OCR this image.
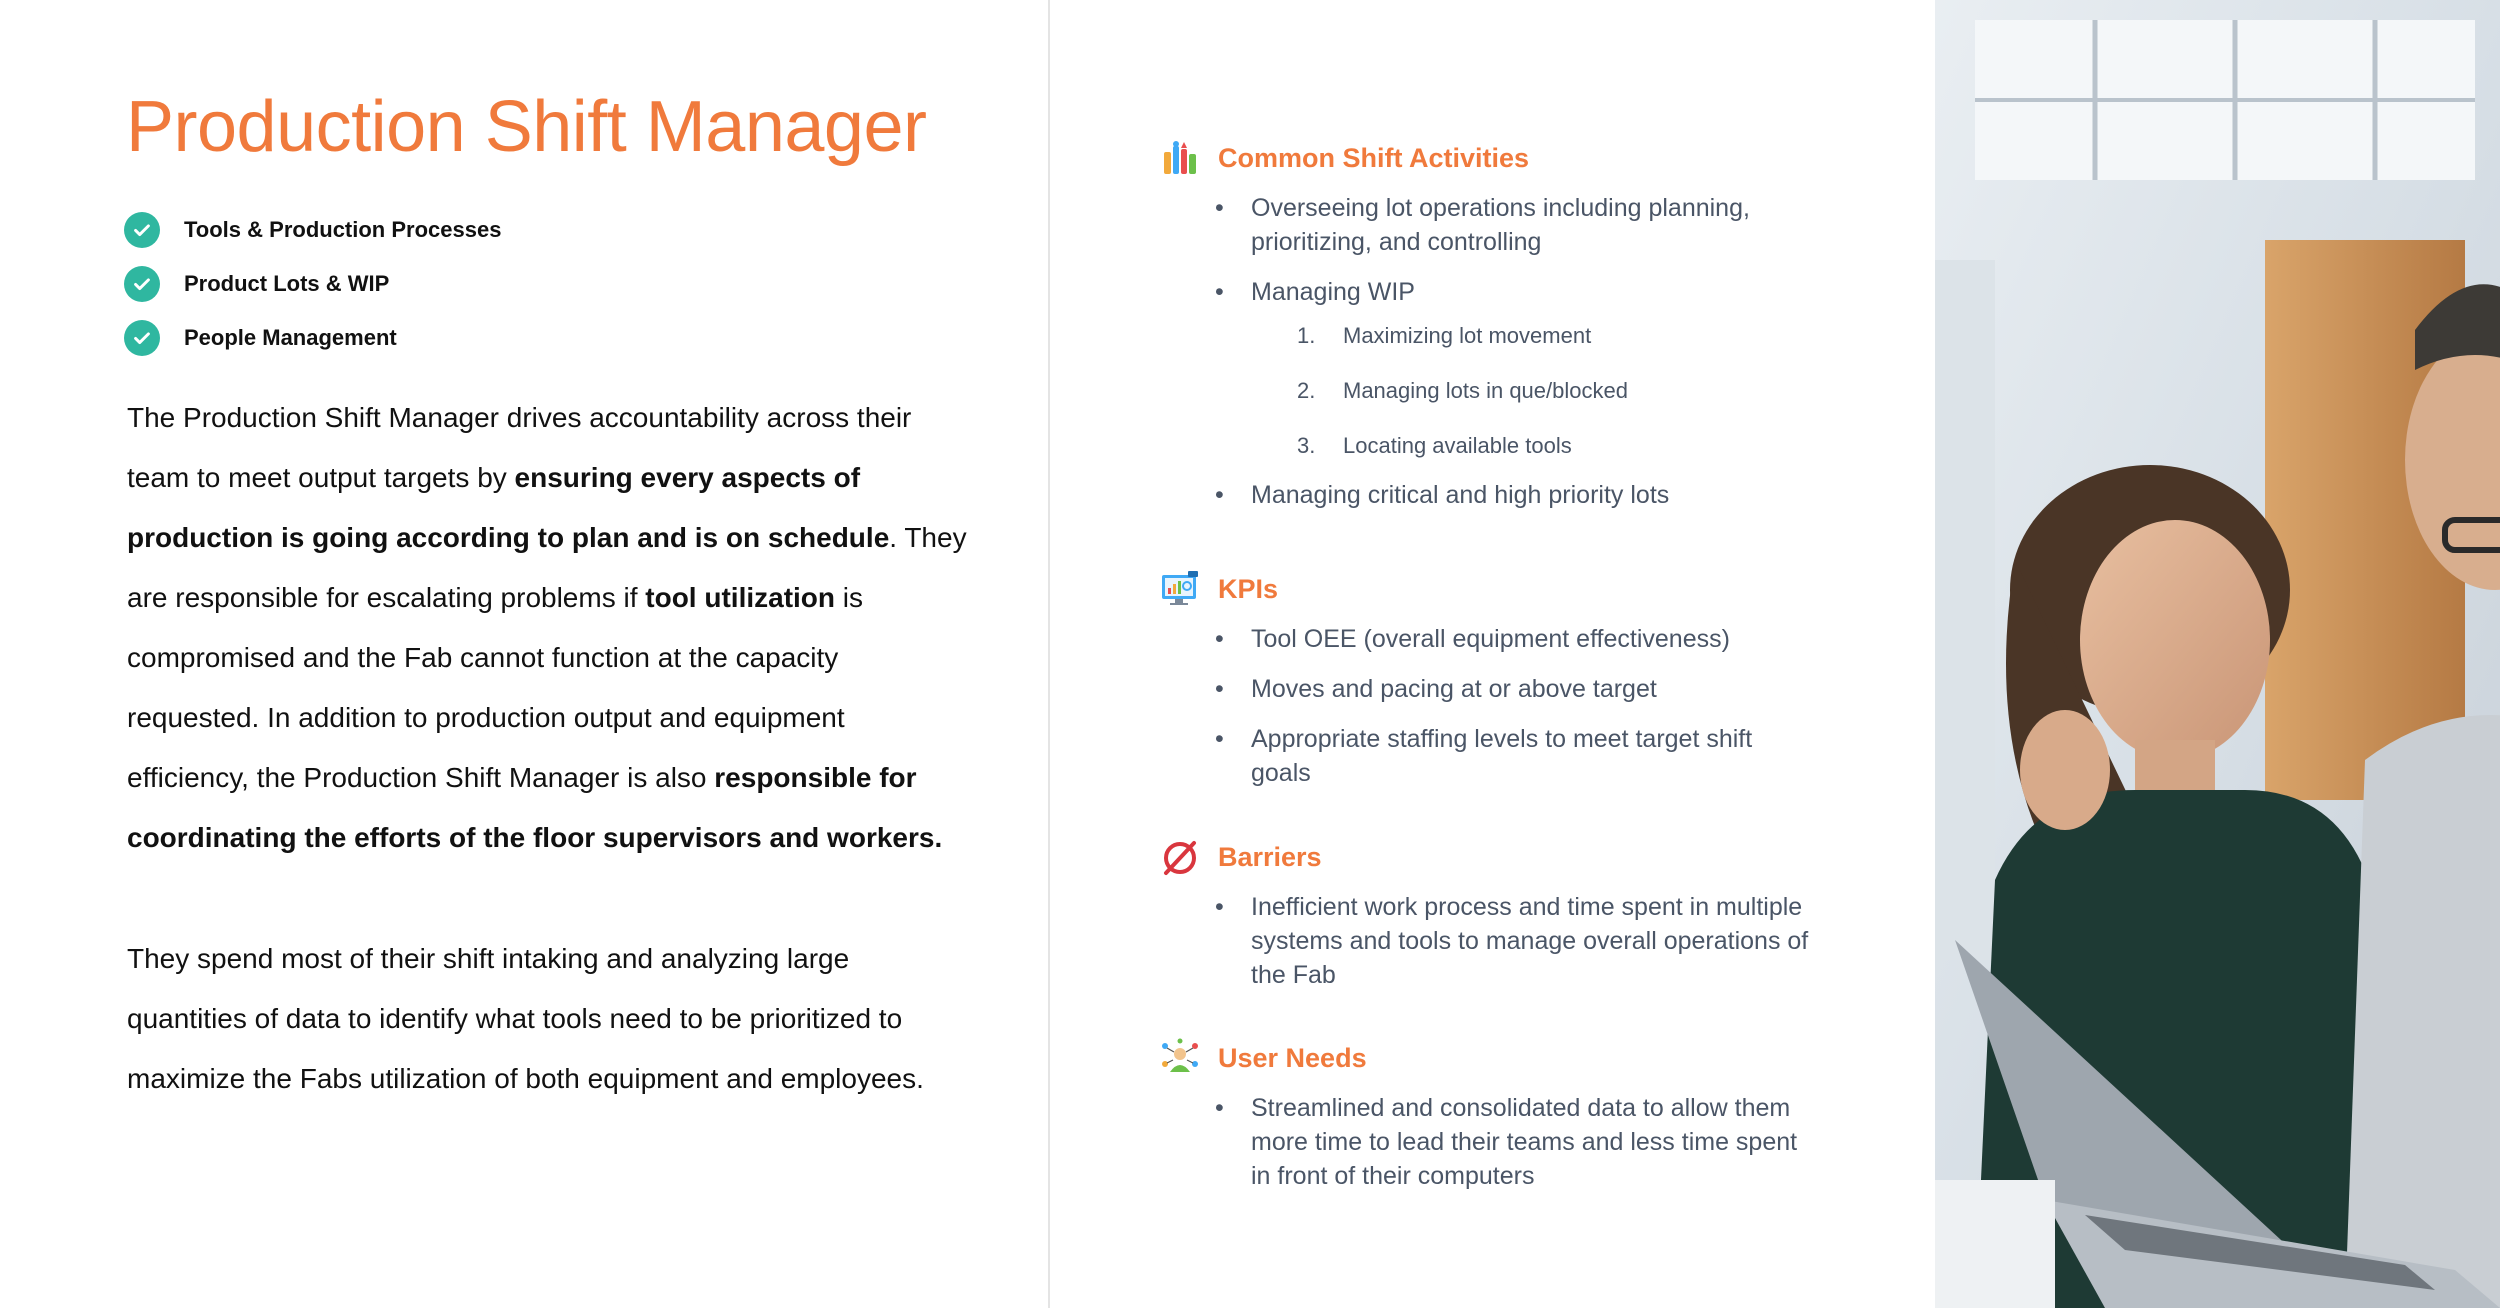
Production Shift Manager
Tools & Production Processes
Product Lots & WIP
People Management

The Production Shift Manager drives accountability across their team to meet output targets by ensuring every aspects of production is going according to plan and is on schedule. They are responsible for escalating problems if tool utilization is compromised and the Fab cannot function at the capacity requested. In addition to production output and equipment efficiency, the Production Shift Manager is also responsible for coordinating the efforts of the floor supervisors and workers.

They spend most of their shift intaking and analyzing large quantities of data to identify what tools need to be prioritized to maximize the Fabs utilization of both equipment and employees.

Common Shift Activities
• Overseeing lot operations including planning, prioritizing, and controlling
• Managing WIP
1.	Maximizing lot movement
2.	Managing lots in que/blocked
3.	Locating available tools
• Managing critical and high priority lots
KPIs
• Tool OEE (overall equipment effectiveness)
• Moves and pacing at or above target
• Appropriate staffing levels to meet target shift goals
Barriers
• Inefficient work process and time spent in multiple systems and tools to manage overall operations of the Fab
User Needs
• Streamlined and consolidated data to allow them more time to lead their teams and less time spent in front of their computers
